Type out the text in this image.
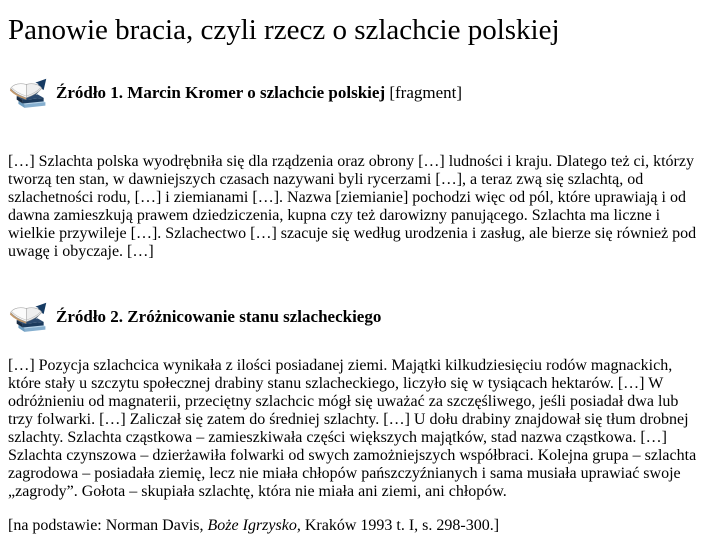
Panowie bracia, czyli rzecz o szlachcie polskiej
Źródło 1. Marcin Kromer o szlachcie polskiej [fragment]

[…] Szlachta polska wyodrębniła się dla rządzenia oraz obrony […] ludności i kraju. Dlatego też ci, którzy tworzą ten stan, w dawniejszych czasach nazywani byli rycerzami […], a teraz zwą się szlachtą, od szlachetności rodu, […] i ziemianami […]. Nazwa [ziemianie] pochodzi więc od pól, które uprawiają i od dawna zamieszkują prawem dziedziczenia, kupna czy też darowizny panującego. Szlachta ma liczne i wielkie przywileje […]. Szlachectwo […] szacuje się według urodzenia i zasług, ale bierze się również pod uwagę i obyczaje. […]

Źródło 2. Zróżnicowanie stanu szlacheckiego

[…] Pozycja szlachcica wynikała z ilości posiadanej ziemi. Majątki kilkudziesięciu rodów magnackich, które stały u szczytu społecznej drabiny stanu szlacheckiego, liczyło się w tysiącach hektarów. […] W odróżnieniu od magnaterii, przeciętny szlachcic mógł się uważać za szczęśliwego, jeśli posiadał dwa lub trzy folwarki. […] Zaliczał się zatem do średniej szlachty. […] U dołu drabiny znajdował się tłum drobnej szlachty. Szlachta cząstkowa – zamieszkiwała części większych majątków, stad nazwa cząstkowa. […] Szlachta czynszowa – dzierżawiła folwarki od swych zamożniejszych współbraci. Kolejna grupa – szlachta zagrodowa – posiadała ziemię, lecz nie miała chłopów pańszczyźnianych i sama musiała uprawiać swoje „zagrody”. Gołota – skupiała szlachtę, która nie miała ani ziemi, ani chłopów.

[na podstawie: Norman Davis, Boże Igrzysko, Kraków 1993 t. I, s. 298-300.]
